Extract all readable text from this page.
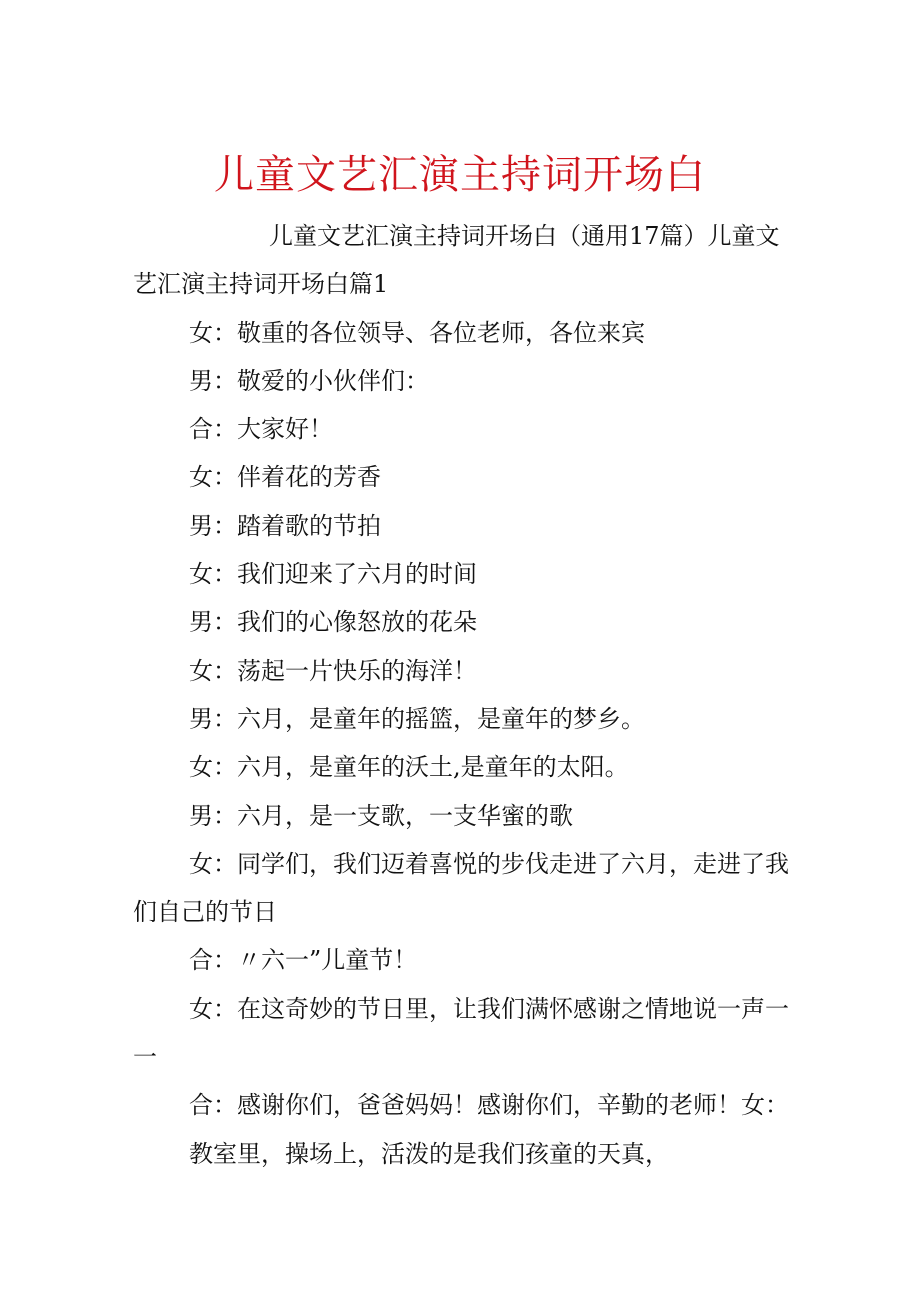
儿童文艺汇演主持词开场白

儿童文艺汇演主持词开场白（通用17篇）儿童文艺汇演主持词开场白篇1

女：敬重的各位领导、各位老师，各位来宾

男：敬爱的小伙伴们：

合：大家好！

女：伴着花的芳香

男：踏着歌的节拍

女：我们迎来了六月的时间

男：我们的心像怒放的花朵

女：荡起一片快乐的海洋！

男：六月，是童年的摇篮，是童年的梦乡。

女：六月，是童年的沃土,是童年的太阳。

男：六月，是一支歌，一支华蜜的歌

女：同学们，我们迈着喜悦的步伐走进了六月，走进了我们自己的节日

合：〃六一”儿童节！

女：在这奇妙的节日里，让我们满怀感谢之情地说一声一一

合：感谢你们，爸爸妈妈！感谢你们，辛勤的老师！女：

教室里，操场上，活泼的是我们孩童的天真，
